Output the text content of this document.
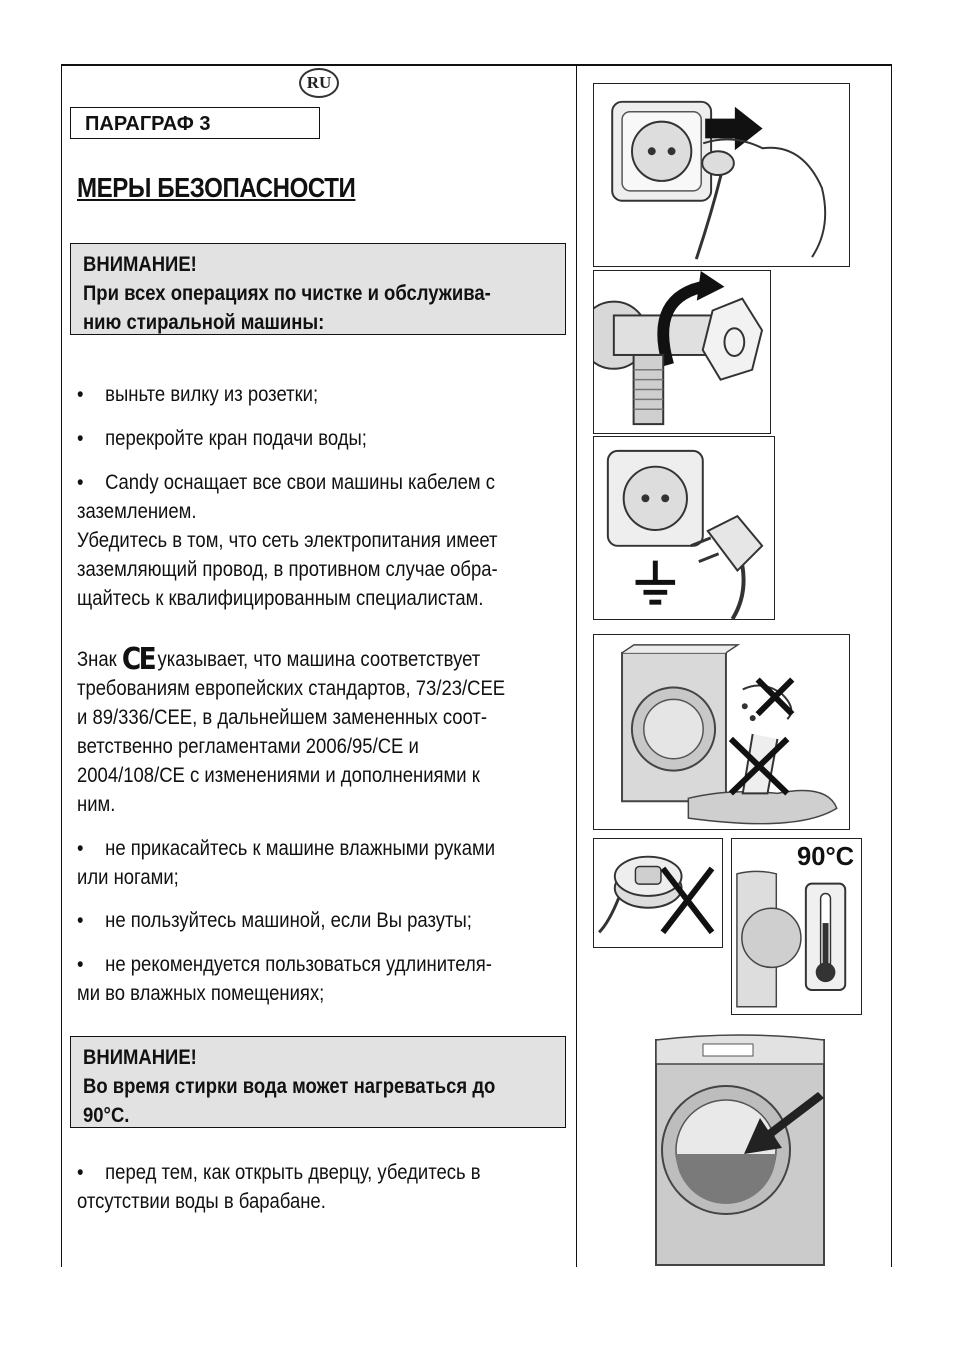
RU
ПАРАГРАФ 3
МЕРЫ БЕЗОПАСНОСТИ
ВНИМАНИЕ!
При всех операциях по чистке и обслужива-
нию стиральной машины:
• выньте вилку из розетки;
• перекройте кран подачи воды;
• Candy оснащает все свои машины кабелем с
заземлением.
Убедитесь в том, что сеть электропитания имеет
заземляющий провод, в противном случае обра-
щайтесь к квалифицированным специалистам.
Знак CE указывает, что машина соответствует
требованиям европейских стандартов, 73/23/CEE
и 89/336/CEE, в дальнейшем замененных соот-
ветственно регламентами 2006/95/CE и
2004/108/CE с изменениями и дополнениями к
ним.
• не прикасайтесь к машине влажными руками
или ногами;
• не пользуйтесь машиной, если Вы разуты;
• не рекомендуется пользоваться удлинителя-
ми во влажных помещениях;
ВНИМАНИЕ!
Во время стирки вода может нагреваться до
90°C.
• перед тем, как открыть дверцу, убедитесь в
отсутствии воды в барабане.
90°C
